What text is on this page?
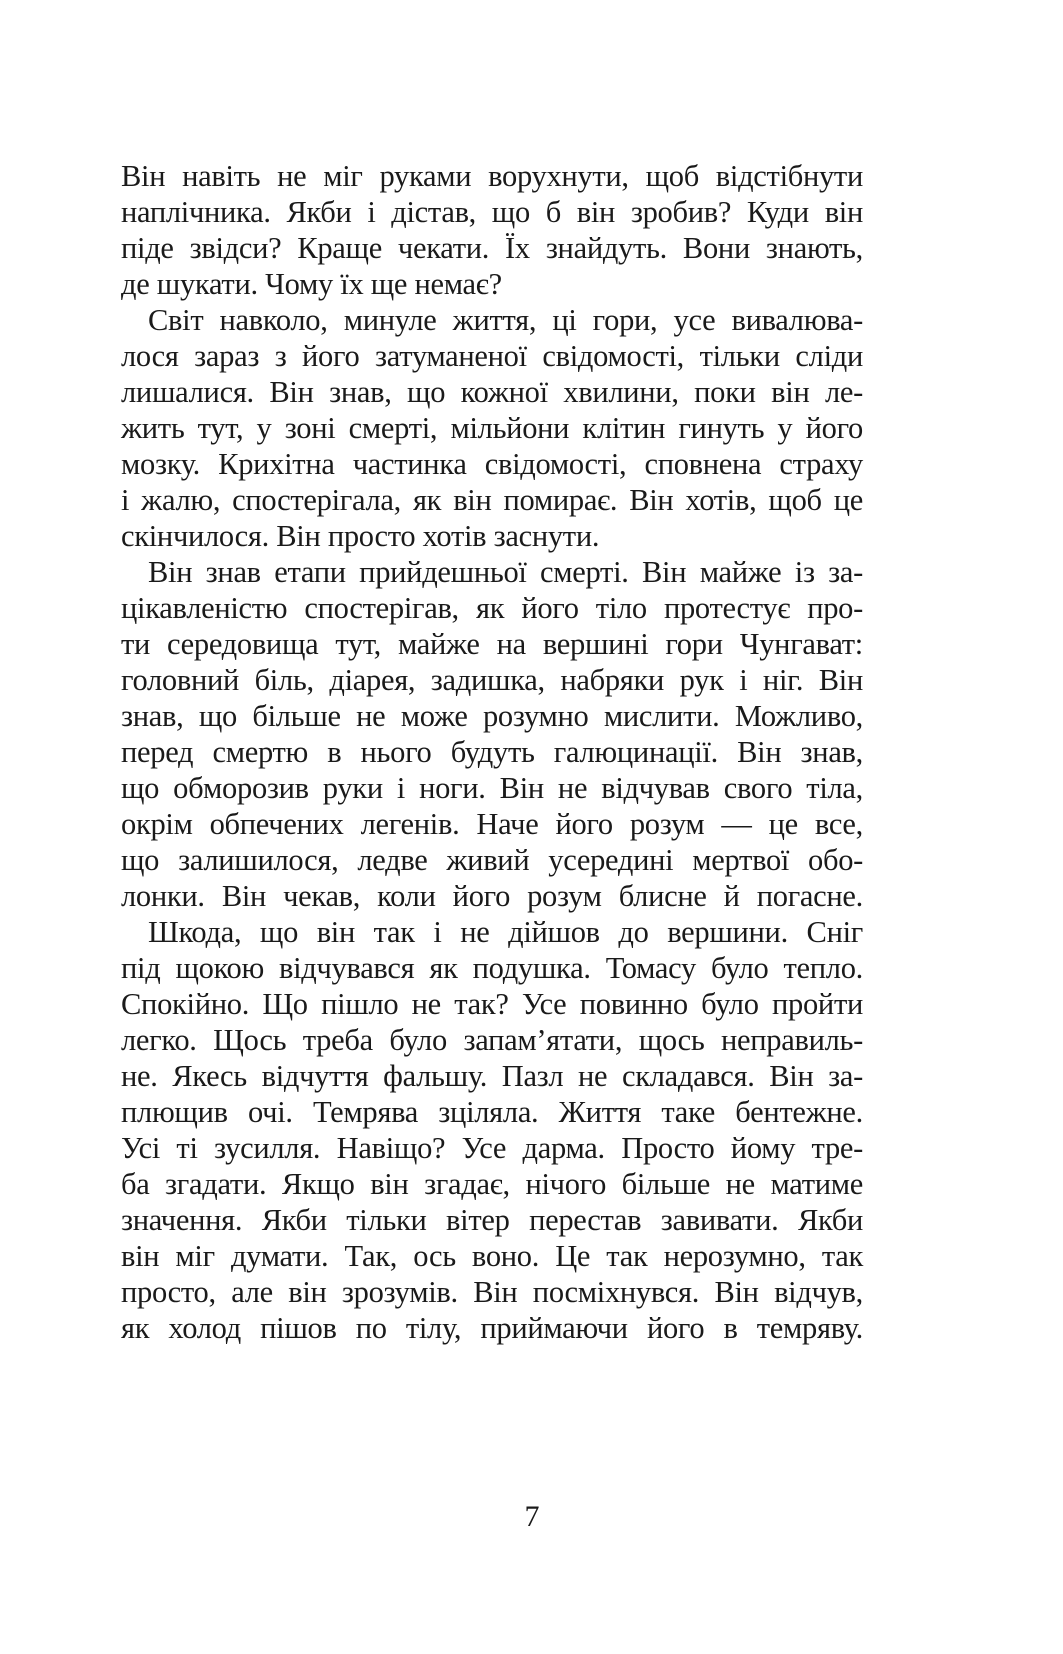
Він навіть не міг руками ворухнути, щоб відстібнути
наплічника. Якби і дістав, що б він зробив? Куди він
піде звідси? Краще чекати. Їх знайдуть. Вони знають,
де шукати. Чому їх ще немає?
Світ навколо, минуле життя, ці гори, усе вивалюва-
лося зараз з його затуманеної свідомості, тільки сліди
лишалися. Він знав, що кожної хвилини, поки він ле-
жить тут, у зоні смерті, мільйони клітин гинуть у його
мозку. Крихітна частинка свідомості, сповнена страху
і жалю, спостерігала, як він помирає. Він хотів, щоб це
скінчилося. Він просто хотів заснути.
Він знав етапи прийдешньої смерті. Він майже із за-
цікавленістю спостерігав, як його тіло протестує про-
ти середовища тут, майже на вершині гори Чунгават:
головний біль, діарея, задишка, набряки рук і ніг. Він
знав, що більше не може розумно мислити. Можливо,
перед смертю в нього будуть галюцинації. Він знав,
що обморозив руки і ноги. Він не відчував свого тіла,
окрім обпечених легенів. Наче його розум — це все,
що залишилося, ледве живий усередині мертвої обо-
лонки. Він чекав, коли його розум блисне й погасне.
Шкода, що він так і не дійшов до вершини. Сніг
під щокою відчувався як подушка. Томасу було тепло.
Спокійно. Що пішло не так? Усе повинно було пройти
легко. Щось треба було запам’ятати, щось неправиль-
не. Якесь відчуття фальшу. Пазл не складався. Він за-
плющив очі. Темрява зціляла. Життя таке бентежне.
Усі ті зусилля. Навіщо? Усе дарма. Просто йому тре-
ба згадати. Якщо він згадає, нічого більше не матиме
значення. Якби тільки вітер перестав завивати. Якби
він міг думати. Так, ось воно. Це так нерозумно, так
просто, але він зрозумів. Він посміхнувся. Він відчув,
як холод пішов по тілу, приймаючи його в темряву.
7
